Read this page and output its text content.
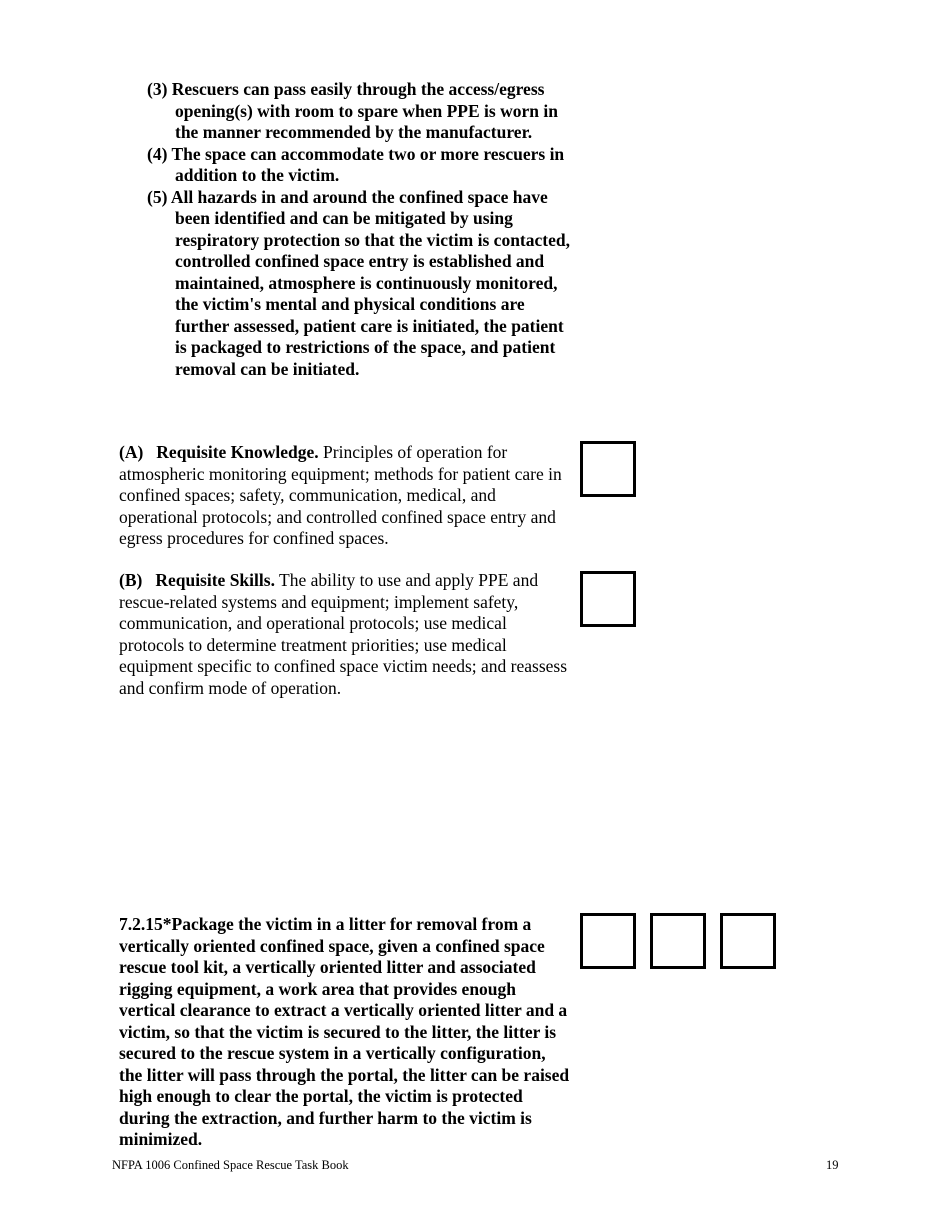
(3) Rescuers can pass easily through the access/egress opening(s) with room to spare when PPE is worn in the manner recommended by the manufacturer.
(4) The space can accommodate two or more rescuers in addition to the victim.
(5) All hazards in and around the confined space have been identified and can be mitigated by using respiratory protection so that the victim is contacted, controlled confined space entry is established and maintained, atmosphere is continuously monitored, the victim's mental and physical conditions are further assessed, patient care is initiated, the patient is packaged to restrictions of the space, and patient removal can be initiated.

(A) Requisite Knowledge. Principles of operation for atmospheric monitoring equipment; methods for patient care in confined spaces; safety, communication, medical, and operational protocols; and controlled confined space entry and egress procedures for confined spaces.

(B) Requisite Skills. The ability to use and apply PPE and rescue-related systems and equipment; implement safety, communication, and operational protocols; use medical protocols to determine treatment priorities; use medical equipment specific to confined space victim needs; and reassess and confirm mode of operation.

7.2.15*Package the victim in a litter for removal from a vertically oriented confined space, given a confined space rescue tool kit, a vertically oriented litter and associated rigging equipment, a work area that provides enough vertical clearance to extract a vertically oriented litter and a victim, so that the victim is secured to the litter, the litter is secured to the rescue system in a vertically configuration, the litter will pass through the portal, the litter can be raised high enough to clear the portal, the victim is protected during the extraction, and further harm to the victim is minimized.

NFPA 1006 Confined Space Rescue Task Book	19
